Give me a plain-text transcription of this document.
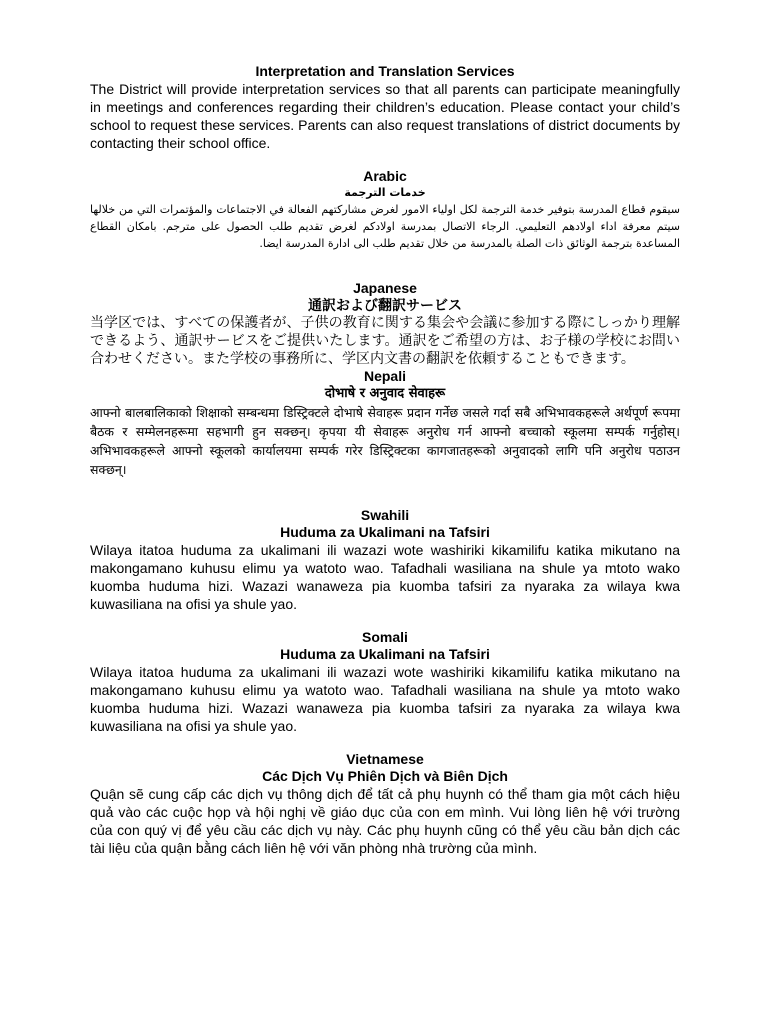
Interpretation and Translation Services
The District will provide interpretation services so that all parents can participate meaningfully in meetings and conferences regarding their children’s education. Please contact your child’s school to request these services. Parents can also request translations of district documents by contacting their school office.
Arabic
خدمات الترجمة
سيقوم قطاع المدرسة بتوفير خدمة الترجمة لكل اولياء الامور لغرض مشاركتهم الفعالة في الاجتماعات والمؤتمرات التي من خلالها سيتم معرفة اداء اولادهم التعليمي. الرجاء الاتصال بمدرسة اولادكم لغرض تقديم طلب الحصول على مترجم. بامكان القطاع المساعدة بترجمة الوثائق ذات الصلة بالمدرسة من خلال تقديم طلب الى ادارة المدرسة ايضا.
Japanese
通訳および翻訳サービス
当学区では、すべての保護者が、子供の教育に関する集会や会議に参加する際にしっかり理解できるよう、通訳サービスをご提供いたします。通訳をご希望の方は、お子様の学校にお問い合わせください。また学校の事務所に、学区内文書の翻訳を依頼することもできます。
Nepali
दोभाषे र अनुवाद सेवाहरू
आफ्नो बालबालिकाको शिक्षाको सम्बन्धमा डिस्ट्रिक्टले दोभाषे सेवाहरू प्रदान गर्नेछ जसले गर्दा सबै अभिभावकहरूले अर्थपूर्ण रूपमा बैठक र सम्मेलनहरूमा सहभागी हुन सक्छन्। कृपया यी सेवाहरू अनुरोध गर्न आफ्नो बच्चाको स्कूलमा सम्पर्क गर्नुहोस्। अभिभावकहरूले आफ्नो स्कूलको कार्यालयमा सम्पर्क गरेर डिस्ट्रिक्टका कागजातहरूको अनुवादको लागि पनि अनुरोध पठाउन सक्छन्।
Swahili
Huduma za Ukalimani na Tafsiri
Wilaya itatoa huduma za ukalimani ili wazazi wote washiriki kikamilifu katika mikutano na makongamano kuhusu elimu ya watoto wao. Tafadhali wasiliana na shule ya mtoto wako kuomba huduma hizi. Wazazi wanaweza pia kuomba tafsiri za nyaraka za wilaya kwa kuwasiliana na ofisi ya shule yao.
Somali
Huduma za Ukalimani na Tafsiri
Wilaya itatoa huduma za ukalimani ili wazazi wote washiriki kikamilifu katika mikutano na makongamano kuhusu elimu ya watoto wao. Tafadhali wasiliana na shule ya mtoto wako kuomba huduma hizi. Wazazi wanaweza pia kuomba tafsiri za nyaraka za wilaya kwa kuwasiliana na ofisi ya shule yao.
Vietnamese
Các Dịch Vụ Phiên Dịch và Biên Dịch
Quận sẽ cung cấp các dịch vụ thông dịch để tất cả phụ huynh có thể tham gia một cách hiệu quả vào các cuộc họp và hội nghị về giáo dục của con em mình. Vui lòng liên hệ với trường của con quý vị để yêu cầu các dịch vụ này. Các phụ huynh cũng có thể yêu cầu bản dịch các tài liệu của quận bằng cách liên hệ với văn phòng nhà trường của mình.
